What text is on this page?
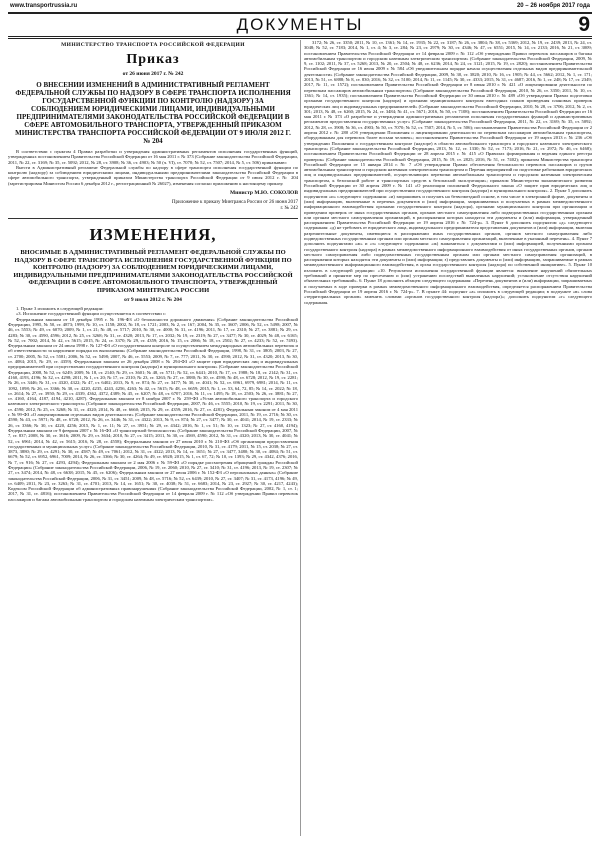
www.transportrussia.ru	20 – 26 ноября 2017 года
ДОКУМЕНТЫ	9
МИНИСТЕРСТВО ТРАНСПОРТА РОССИЙСКОЙ ФЕДЕРАЦИИ
Приказ
от 26 июня 2017 г. № 242
О ВНЕСЕНИИ ИЗМЕНЕНИЙ В АДМИНИСТРАТИВНЫЙ РЕГЛАМЕНТ ФЕДЕРАЛЬНОЙ СЛУЖБЫ ПО НАДЗОРУ В СФЕРЕ ТРАНСПОРТА ИСПОЛНЕНИЯ ГОСУДАРСТВЕННОЙ ФУНКЦИИ ПО КОНТРОЛЮ (НАДЗОРУ) ЗА СОБЛЮДЕНИЕМ ЮРИДИЧЕСКИМИ ЛИЦАМИ, ИНДИВИДУАЛЬНЫМИ ПРЕДПРИНИМАТЕЛЯМИ ЗАКОНОДАТЕЛЬСТВА РОССИЙСКОЙ ФЕДЕРАЦИИ В СФЕРЕ АВТОМОБИЛЬНОГО ТРАНСПОРТА, УТВЕРЖДЕННЫЙ ПРИКАЗОМ МИНИСТЕРСТВА ТРАНСПОРТА РОССИЙСКОЙ ФЕДЕРАЦИИ ОТ 9 ИЮЛЯ 2012 Г. № 204

В соответствии с пунктом 4 Правил разработки и утверждения административных регламентов исполнения государственных функций, утвержденных постановлением Правительства Российской Федерации от 16 мая 2011 г. № 373 (Собрание законодательства Российской Федерации, 2011, № 22, ст. 3169; № 35, ст. 5092; 2012, № 28, ст. 3908; № 36, ст. 4903; № 50 (ч. VI), ст. 7070; № 52, ст. 7507; 2014, № 5, ст. 506) приказываю:

Внести в Административный регламент Федеральной службы по надзору в сфере транспорта исполнения государственной функции по контролю (надзору) за соблюдением юридическими лицами, индивидуальными предпринимателями законодательства Российской Федерации в сфере автомобильного транспорта, утвержденный приказом Министерства транспорта Российской Федерации от 9 июля 2012 г. № 204 (зарегистрирован Минюстом России 6 декабря 2012 г., регистрационный № 26027), изменения согласно приложению к настоящему приказу.

Министр М.Ю. СОКОЛОВ
Приложение к приказу Минтранса России от 26 июня 2017 г. № 242
ИЗМЕНЕНИЯ,
ВНОСИМЫЕ В АДМИНИСТРАТИВНЫЙ РЕГЛАМЕНТ ФЕДЕРАЛЬНОЙ СЛУЖБЫ ПО НАДЗОРУ В СФЕРЕ ТРАНСПОРТА ИСПОЛНЕНИЯ ГОСУДАРСТВЕННОЙ ФУНКЦИИ ПО КОНТРОЛЮ (НАДЗОРУ) ЗА СОБЛЮДЕНИЕМ ЮРИДИЧЕСКИМИ ЛИЦАМИ, ИНДИВИДУАЛЬНЫМИ ПРЕДПРИНИМАТЕЛЯМИ ЗАКОНОДАТЕЛЬСТВА РОССИЙСКОЙ ФЕДЕРАЦИИ В СФЕРЕ АВТОМОБИЛЬНОГО ТРАНСПОРТА, УТВЕРЖДЕННЫЙ ПРИКАЗОМ МИНТРАНСА РОССИИ
от 9 июля 2012 г. № 204

1. Пункт 3 изложить в следующей редакции:

«3. Исполнение государственной функции осуществляется в соответствии с:

Федеральным законом от 10 декабря 1995 г. № 196-ФЗ «О безопасности дорожного движения» (Собрание законодательства Российской Федерации, 1995, № 50, ст. 4873; 1999, № 10, ст. 1158; 2002, № 18, ст. 1721; 2003, № 2, ст. 167; 2004, № 35, ст. 3607; 2006, № 52, ст. 5498; 2007, № 46, ст. 5553; № 49, ст. 6070; 2009, № 1, ст. 21; № 48, ст. 5717; 2010, № 30, ст. 4000; № 31, ст. 4196; 2011, № 17, ст. 2310; № 27, ст. 3881; № 29, ст. 4283; № 30, ст. 4590, 4596; 2012, № 25, ст. 3268; № 31, ст. 4320; 2013, № 17, ст. 2032; № 19, ст. 2319; № 27, ст. 3477; № 30, ст. 4029; № 48, ст. 6165; № 52, ст. 7002; 2014, № 42, ст. 5615; 2015, № 24, ст. 3370; № 29, ст. 4359; 2016, № 15, ст. 2066; № 18, ст. 2502; № 27, ст. 4233; № 52, ст. 7493). Федеральным законом от 24 июля 1998 г. № 127-ФЗ «О государственном контроле за осуществлением международных автомобильных перевозок и об ответственности за нарушение порядка их выполнения» (Собрание законодательства Российской Федерации, 1998, № 31, ст. 3805; 2003, № 27, ст. 2700; 2005, № 52, ст. 5581; 2006, № 52, ст. 5498; 2007, № 46, ст. 5553; 2009, № 7, ст. 777; 2011, № 30, ст. 4590; 2012, № 31, ст. 4320; 2013, № 30, ст. 4084; 2015, № 29, ст. 4359). Федеральным законом от 26 декабря 2008 г. № 294-ФЗ «О защите прав юридических лиц и индивидуальных предпринимателей при осуществлении государственного контроля (надзора) и муниципального контроля» (Собрание законодательства Российской Федерации, 2008, № 52, ст. 6249; 2009, № 18, ст. 2140; № 29, ст. 3601; № 48, ст. 5711; № 52, ст. 6441; 2010, № 17, ст. 1988; № 18, ст. 2142; № 31, ст. 4160, 4193, 4196; № 32, ст. 4298; 2011, № 1, ст. 20; № 17, ст. 2310; № 23, ст. 3263; № 27, ст. 3880; № 30, ст. 4590; № 48, ст. 6728; 2012, № 19, ст. 2281; № 26, ст. 3446; № 31, ст. 4320, 4322; № 47, ст. 6402; 2013, № 9, ст. 874; № 27, ст. 3477; № 30, ст. 4041; № 52, ст. 6961, 6979, 6981; 2014, № 11, ст. 1092, 1098; № 26, ст. 3366; № 30, ст. 4220, 4235, 4243, 4256, 4263; № 42, ст. 5615; № 48, ст. 6659; 2015, № 1, ст. 53, 64, 72, 85; № 14, ст. 2022; № 18, ст. 2614; № 27, ст. 3950; № 29, ст. 4339, 4362, 4372, 4389; № 45, ст. 6207; № 48, ст. 6707; 2016, № 11, ст. 1495; № 18, ст. 2503; № 26, ст. 3881; № 27, ст. 4160, 4164, 4187, 4194, 4210, 4287). Федеральным законом от 8 ноября 2007 г. № 259-ФЗ «Устав автомобильного транспорта и городского наземного электрического транспорта» (Собрание законодательства Российской Федерации, 2007, № 46, ст. 5555; 2010, № 19, ст. 2291; 2011, № 30, ст. 4590; 2012, № 25, ст. 3268; № 31, ст. 4320; 2014, № 48, ст. 6660; 2015, № 29, ст. 4359; 2016, № 27, ст. 4281); Федеральным законом от 4 мая 2011 г. № 99-ФЗ «О лицензировании отдельных видов деятельности» (Собрание законодательства Российской Федерации, 2011, № 19, ст. 2716; № 30, ст. 4590; № 43, ст. 5971; № 48, ст. 6728; 2012, № 26, ст. 3446; № 31, ст. 4322; 2013, № 9, ст. 874; № 27, ст. 3477; № 30, ст. 4041; 2014, № 19, ст. 2333; № 26, ст. 3366; № 30, ст. 4220, 4256; 2015, № 1, ст. 11; № 27, ст. 3951; № 29, ст. 4342; 2016, № 1, ст. 51; № 10, ст. 1323; № 27, ст. 4160, 4194); Федеральным законом от 9 февраля 2007 г. № 16-ФЗ «О транспортной безопасности» (Собрание законодательства Российской Федерации, 2007, № 7, ст. 837; 2008, № 30, ст. 3616; 2009, № 29, ст. 3634; 2010, № 27, ст. 3415; 2011, № 30, ст. 4569, 4590; 2012, № 31, ст. 4320; 2013, № 30, ст. 4041; № 52, ст. 6961; 2014, № 42, ст. 5615; 2016, № 28, ст. 4558); Федеральным законом от 27 июля 2010 г. № 210-ФЗ «Об организации предоставления государственных и муниципальных услуг» (Собрание законодательства Российской Федерации, 2010, № 31, ст. 4179; 2011, № 15, ст. 2038; № 27, ст. 3873, 3880; № 29, ст. 4291; № 30, ст. 4587; № 49, ст. 7061; 2012, № 31, ст. 4322; 2013, № 14, ст. 1651; № 27, ст. 3477, 3480; № 30, ст. 4084; № 51, ст. 6679; № 52, ст. 6952, 6961, 7009; 2014, № 26, ст. 3366; № 30, ст. 4264; № 49, ст. 6928; 2015, № 1, ст. 67, 72; № 10, ст. 1393; № 29, ст. 4342, 4376; 2016, № 7, ст. 916; № 27, ст. 4293, 4294); Федеральным законом от 2 мая 2006 г. № 59-ФЗ «О порядке рассмотрения обращений граждан Российской Федерации» (Собрание законодательства Российской Федерации, 2006, № 19, ст. 2060; 2010, № 27, ст. 3410; № 31, ст. 4196; 2013, № 19, ст. 2307; № 27, ст. 3474; 2014, № 48, ст. 6638; 2015, № 45, ст. 6206); Федеральным законом от 27 июля 2006 г. № 152-ФЗ «О персональных данных» (Собрание законодательства Российской Федерации, 2006, № 31, ст. 3451; 2009, № 48, ст. 5716; № 52, ст. 6439; 2010, № 27, ст. 3407; № 31, ст. 4173, 4196; № 49, ст. 6409; 2011, № 23, ст. 3263; № 31, ст. 4701; 2013, № 14, ст. 1651; № 30, ст. 4038; № 51, ст. 6683; 2014, № 23, ст. 2927; № 30, ст. 4217, 4243); Кодексом Российской Федерации об административных правонарушениях (Собрание законодательства Российской Федерации, 2002, № 1, ст. 1; 2017, № 31, ст. 4816); постановлением Правительства Российской Федерации от 14 февраля 2009 г. № 112 «Об утверждении Правил перевозок пассажиров и багажа автомобильным транспортом и городским наземным электрическим транспортом».

3172; № 26, ст. 3350; 2011, № 10, ст. 1361; № 14, ст. 1935; № 22, ст. 3187; № 26, ст. 3804; № 38, ст. 5369; 2012, № 19, ст. 2439; 2013, № 24, ст. 3048; № 52, ст. 7183; 2014, № 1, ст. 4; № 3, ст. 284; № 23, ст. 2979; № 30, ст. 4346; № 47, ст. 6551; 2015, № 14, ст. 2133; 2016, № 21, ст. 3009; постановлением Правительства Российской Федерации от 14 февраля 2009 г. № 112 «Об утверждении Правил перевозок пассажиров и багажа автомобильным транспортом и городским наземным электрическим транспортом» (Собрание законодательства Российской Федерации, 2009, № 9, ст. 1102; 2011, № 37, ст. 5268; 2013, № 20, ст. 2504; № 48, ст. 6236; 2014, № 24, ст. 3121; 2015, № 19, ст. 2820); постановлением Правительства Российской Федерации от 16 июля 2009 г. № 584 «Об уведомительном порядке начала осуществления отдельных видов предпринимательской деятельности» (Собрание законодательства Российской Федерации, 2009, № 30, ст. 3820; 2010, № 16, ст. 1905; № 44, ст. 5662; 2012, № 1, ст. 171; 2013, № 51, ст. 6888; № 8, ст. 830; 2016, № 32, ст. 5100; 2014, № 11, ст. 1145; № 30, ст. 4333; 2015, № 31, ст. 4687; 2016, № 1, ст. 248; № 17, ст. 2349; 2017, № 11, ст. 1572); постановлением Правительства Российской Федерации от 8 июня 2010 г. № 421 «О лицензировании деятельности по перевозкам пассажиров автомобильным транспортом» (Собрание законодательства Российской Федерации, 2010, № 26, ст. 3350; 2011, № 10, ст. 1361; № 14, ст. 1935); постановлением Правительства Российской Федерации от 30 июня 2010 г. № 489 «Об утверждении Правил подготовки органами государственного контроля (надзора) и органами муниципального контроля ежегодных планов проведения плановых проверок юридических лиц и индивидуальных предпринимателей» (Собрание законодательства Российской Федерации, 2010, № 28, ст. 3706; 2012, № 2, ст. 301; 2013, № 48, ст. 6260; 2015, № 24, ст. 3484; № 41, ст. 5671; 2016, № 50, ст. 7108); постановлением Правительства Российской Федерации от 16 мая 2011 г. № 373 «О разработке и утверждении административных регламентов исполнения государственных функций и административных регламентов предоставления государственных услуг» (Собрание законодательства Российской Федерации, 2011, № 22, ст. 3169; № 35, ст. 5092; 2012, № 28, ст. 3908; № 36, ст. 4903; № 50, ст. 7070; № 52, ст. 7507; 2014, № 5, ст. 506); постановлением Правительства Российской Федерации от 2 апреля 2012 г. № 280 «Об утверждении Положения о лицензировании деятельности по перевозкам пассажиров автомобильным транспортом, оборудованным для перевозок более восьми человек»; постановлением Правительства Российской Федерации от 19 марта 2013 г. № 236 «Об утверждении Положения о государственном контроле (надзоре) в области автомобильного транспорта и городского наземного электрического транспорта» (Собрание законодательства Российской Федерации, 2013, № 12, ст. 1330; № 52, ст. 7173; 2016, № 21, ст. 2972; № 46, ст. 6468); постановлением Правительства Российской Федерации от 28 апреля 2015 г. № 415 «О Правилах формирования и ведения единого реестра проверок» (Собрание законодательства Российской Федерации, 2015, № 19, ст. 2825; 2016, № 51, ст. 7402); приказом Министерства транспорта Российской Федерации от 15 января 2014 г. № 7 «Об утверждении Правил обеспечения безопасности перевозок пассажиров и грузов автомобильным транспортом и городским наземным электрическим транспортом и Перечня мероприятий по подготовке работников юридических лиц и индивидуальных предпринимателей, осуществляющих перевозки автомобильным транспортом и городским наземным электрическим транспортом, к безопасной работе и транспортных средств к безопасной эксплуатации»; приказом Министерства экономического развития Российской Федерации от 30 апреля 2009 г. № 141 «О реализации положений Федерального закона «О защите прав юридических лиц и индивидуальных предпринимателей при осуществлении государственного контроля (надзора) и муниципального контроля». 2. Пункт 5 дополнить подпунктом «и» следующего содержания: «и) запрашивать и получать на безвозмездной основе, в том числе в электронной форме, документы и (или) информацию, включенные в перечень документов и (или) информации, запрашиваемых и получаемых в рамках межведомственного информационного взаимодействия органами государственного контроля (надзора), органами муниципального контроля при организации и проведении проверок от иных государственных органов, органов местного самоуправления либо подведомственных государственным органам или органам местного самоуправления организаций, в распоряжении которых находятся эти документы и (или) информация, утвержденный распоряжением Правительства Российской Федерации от 19 апреля 2016 г. № 724-р». 3. Пункт 6 дополнить подпунктом «д» следующего содержания: «д) не требовать от юридического лица, индивидуального предпринимателя представления документов и (или) информации, включая разрешительные документы, имеющиеся в распоряжении иных государственных органов, органов местного самоуправления либо подведомственных государственным органам или органам местного самоуправления организаций, включенные в указанный перечень». 4. Пункт 7 дополнить подпунктами «ж» и «з» следующего содержания: «ж) знакомиться с документами и (или) информацией, полученными органом государственного контроля (надзора) в рамках межведомственного информационного взаимодействия от иных государственных органов, органов местного самоуправления либо подведомственных государственным органам или органам местного самоуправления организаций, в распоряжении которых находятся эти документы и (или) информация; з) представлять документы и (или) информацию, запрашиваемые в рамках межведомственного информационного взаимодействия, в орган государственного контроля (надзора) по собственной инициативе». 5. Пункт 10 изложить в следующей редакции: «10. Результатом исполнения государственной функции является: выявление нарушений обязательных требований и принятие мер по пресечению и (или) устранению последствий выявленных нарушений; установление отсутствия нарушений обязательных требований». 6. Пункт 18 дополнить абзацем следующего содержания: «Перечень документов и (или) информации, запрашиваемых и получаемых в ходе проверки в рамках межведомственного информационного взаимодействия, определяется распоряжением Правительства Российской Федерации от 19 апреля 2016 г. № 724-р». 7. В пункте 44: подпункт «а» изложить в следующей редакции; в подпункте «в» слова «территориальных органов» заменить словами «органов государственного контроля (надзора)»; дополнить подпунктом «г» следующего содержания.
